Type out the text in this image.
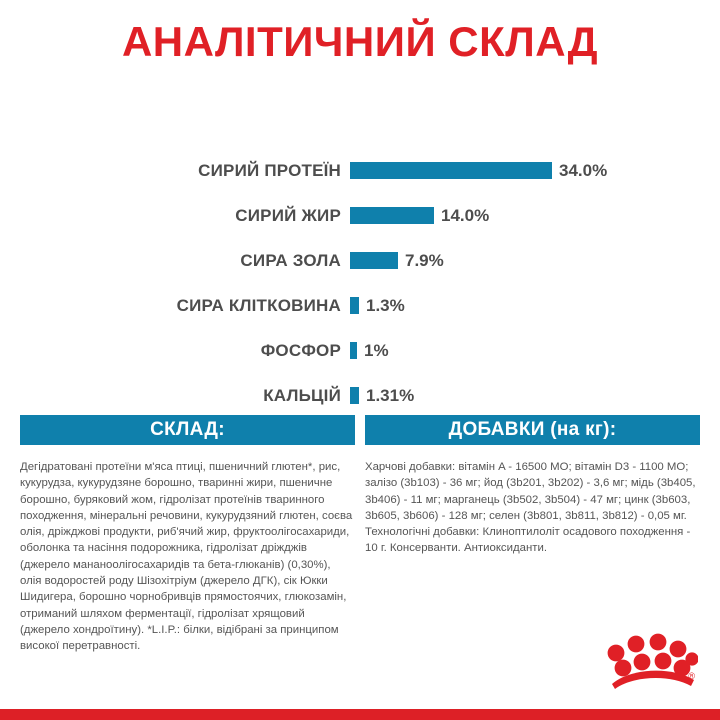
АНАЛІТИЧНИЙ СКЛАД
СИРИЙ ПРОТЕЇН	34.0%
СИРИЙ ЖИР	14.0%
СИРА ЗОЛА	7.9%
СИРА КЛІТКОВИНА	1.3%
ФОСФОР	1%
КАЛЬЦІЙ	1.31%
СКЛАД:
Дегідратовані протеїни м'яса птиці, пшеничний глютен*, рис, кукурудза, кукурудзяне борошно, тваринні жири, пшеничне борошно, буряковий жом, гідролізат протеїнів тваринного походження, мінеральні речовини, кукурудзяний глютен, соєва олія, дріжджові продукти, риб'ячий жир, фруктоолігосахариди, оболонка та насіння подорожника, гідролізат дріжджів (джерело мананоолігосахаридів та бета-глюканів) (0,30%), олія водоростей роду Шізохітріум (джерело ДГК), сік Юкки Шидигера, борошно чорнобривців прямостоячих, глюкозамін, отриманий шляхом ферментації, гідролізат хрящовий (джерело хондроїтину). *L.I.P.: білки, відібрані за принципом високої перетравності.
ДОБАВКИ (на кг):
Харчові добавки: вітамін A - 16500 МО; вітамін D3 - 1100 МО; залізо (3b103) - 36 мг; йод (3b201, 3b202) - 3,6 мг; мідь (3b405, 3b406) - 11 мг; марганець (3b502, 3b504) - 47 мг; цинк (3b603, 3b605, 3b606) - 128 мг; селен (3b801, 3b811, 3b812) - 0,05 мг. Технологічні добавки: Клиноптилоліт осадового походження - 10 г. Консерванти. Антиоксиданти.
®
